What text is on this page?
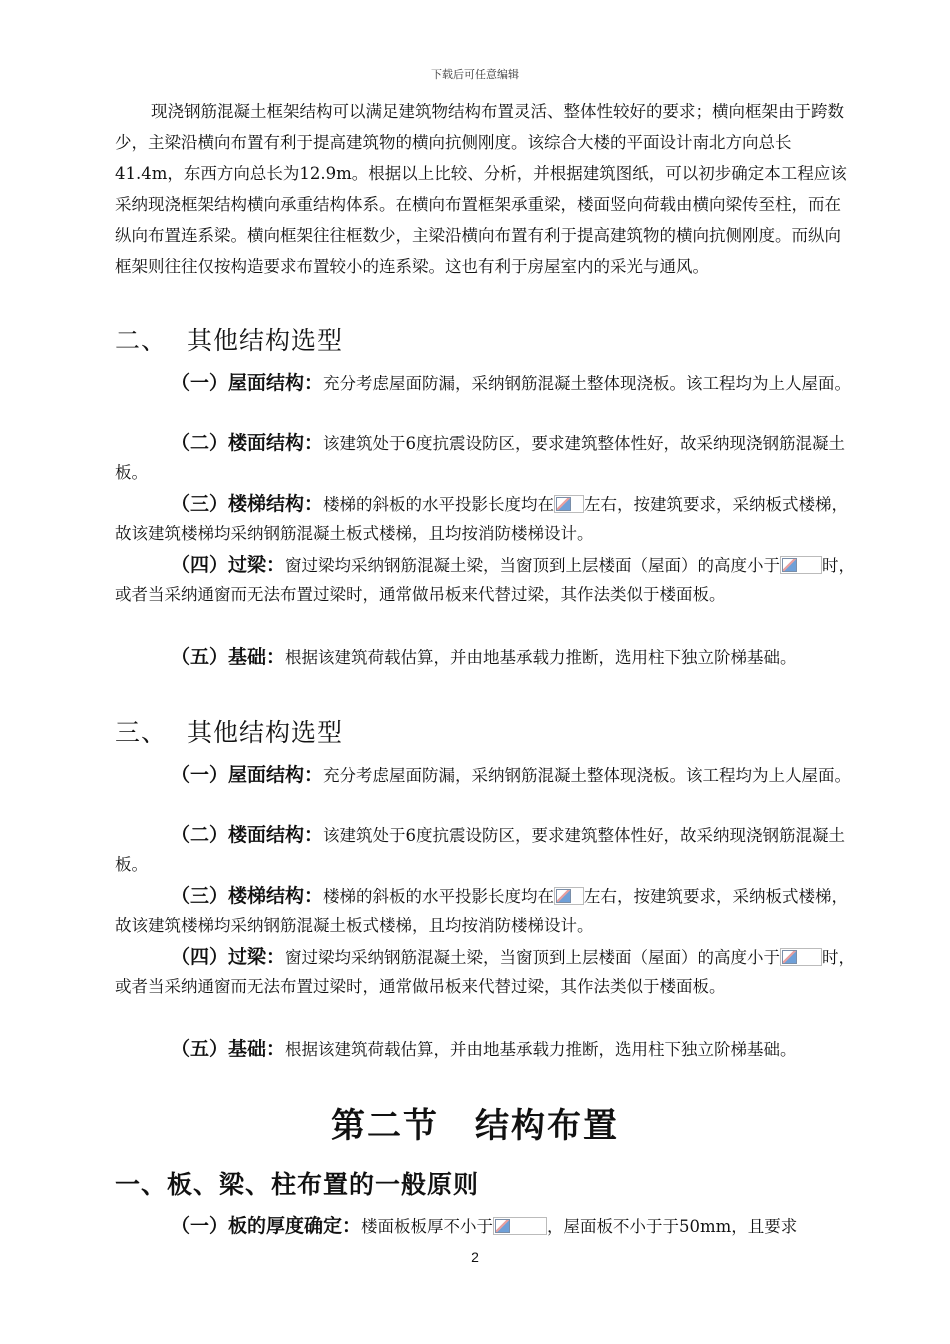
下载后可任意编辑

现浇钢筋混凝土框架结构可以满足建筑物结构布置灵活、整体性较好的要求；横向框架由于跨数少，主梁沿横向布置有利于提高建筑物的横向抗侧刚度。该综合大楼的平面设计南北方向总长41.4m，东西方向总长为12.9m。根据以上比较、分析，并根据建筑图纸，可以初步确定本工程应该采纳现浇框架结构横向承重结构体系。在横向布置框架承重梁，楼面竖向荷载由横向梁传至柱，而在纵向布置连系梁。横向框架往往框数少，主梁沿横向布置有利于提高建筑物的横向抗侧刚度。而纵向框架则往往仅按构造要求布置较小的连系梁。这也有利于房屋室内的采光与通风。

二、 其他结构选型

（一）屋面结构：充分考虑屋面防漏，采纳钢筋混凝土整体现浇板。该工程均为上人屋面。

（二）楼面结构：该建筑处于6度抗震设防区，要求建筑整体性好，故采纳现浇钢筋混凝土板。

（三）楼梯结构：楼梯的斜板的水平投影长度均在 左右，按建筑要求，采纳板式楼梯，故该建筑楼梯均采纳钢筋混凝土板式楼梯，且均按消防楼梯设计。

（四）过梁：窗过梁均采纳钢筋混凝土梁，当窗顶到上层楼面（屋面）的高度小于	时，或者当采纳通窗而无法布置过梁时，通常做吊板来代替过梁，其作法类似于楼面板。

（五）基础：根据该建筑荷载估算，并由地基承载力推断，选用柱下独立阶梯基础。

三、 其他结构选型

（一）屋面结构：充分考虑屋面防漏，采纳钢筋混凝土整体现浇板。该工程均为上人屋面。

（二）楼面结构：该建筑处于6度抗震设防区，要求建筑整体性好，故采纳现浇钢筋混凝土板。

（三）楼梯结构：楼梯的斜板的水平投影长度均在 左右，按建筑要求，采纳板式楼梯，故该建筑楼梯均采纳钢筋混凝土板式楼梯，且均按消防楼梯设计。

（四）过梁：窗过梁均采纳钢筋混凝土梁，当窗顶到上层楼面（屋面）的高度小于	时，或者当采纳通窗而无法布置过梁时，通常做吊板来代替过梁，其作法类似于楼面板。

（五）基础：根据该建筑荷载估算，并由地基承载力推断，选用柱下独立阶梯基础。

第二节　结构布置
一、板、梁、柱布置的一般原则

（一）板的厚度确定：楼面板板厚不小于	，屋面板不小于于50mm，且要求

2
